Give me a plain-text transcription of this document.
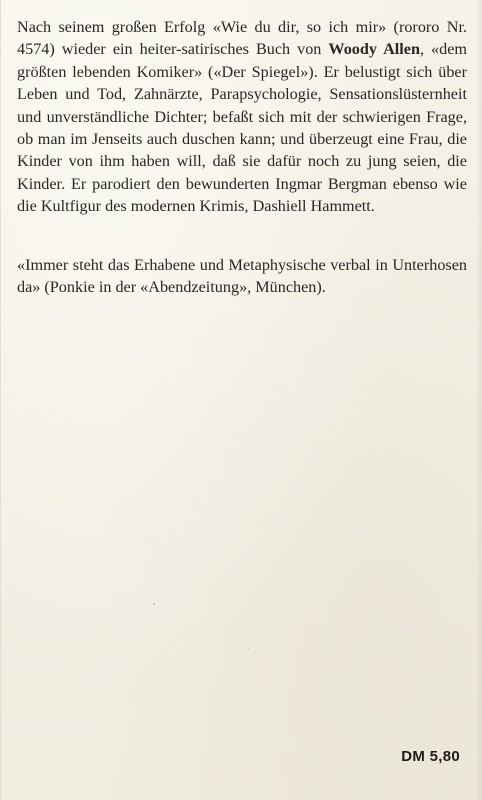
Nach seinem großen Erfolg «Wie du dir, so ich mir» (rororo Nr. 4574) wieder ein heiter-satirisches Buch von Woody Allen, «dem größten lebenden Komiker» («Der Spiegel»). Er belustigt sich über Leben und Tod, Zahnärzte, Parapsychologie, Sensationslüsternheit und unverständliche Dichter; befaßt sich mit der schwierigen Frage, ob man im Jenseits auch duschen kann; und überzeugt eine Frau, die Kinder von ihm haben will, daß sie dafür noch zu jung seien, die Kinder. Er parodiert den bewunderten Ingmar Bergman ebenso wie die Kultfigur des modernen Krimis, Dashiell Hammett.

«Immer steht das Erhabene und Metaphysische verbal in Unterhosen da» (Ponkie in der «Abendzeitung», München).

DM 5,80
